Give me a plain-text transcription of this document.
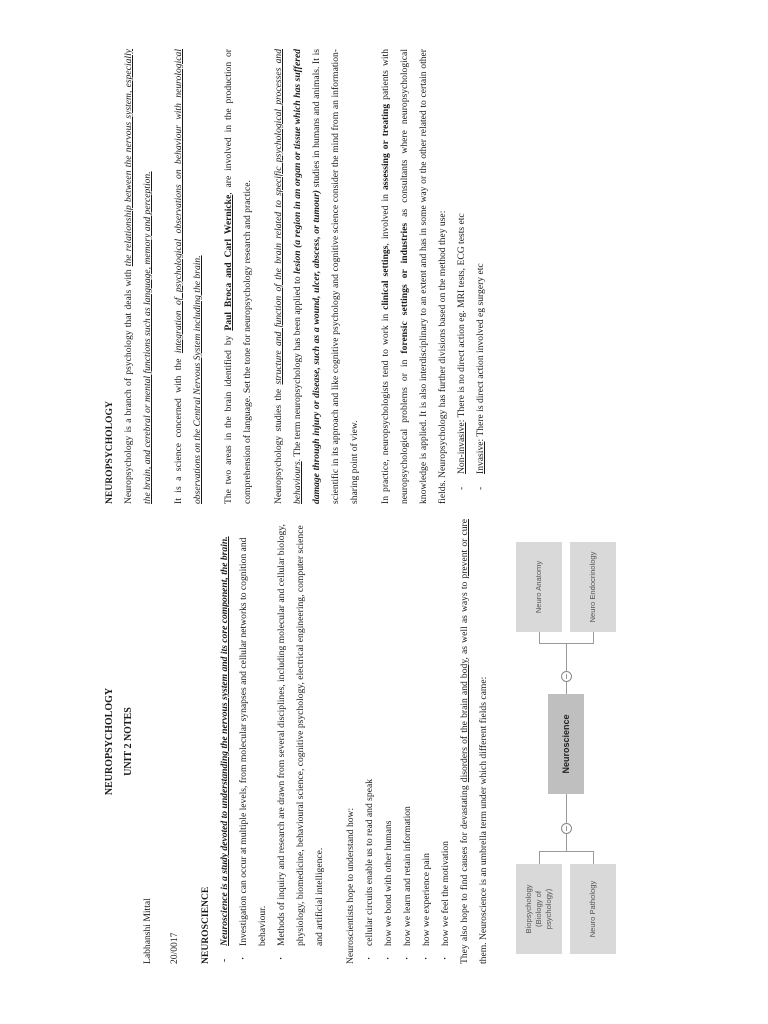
NEUROPSYCHOLOGY UNIT 2 NOTES

Labhanshi Mittal	20/0017	NEUROSCIENCE - Neuroscience is a study devoted to understanding the nervous system and its core component, the brain. · Investigation can occur at multiple levels, from molecular synapses and cellular networks to cognition and behaviour. · Methods of inquiry and research are drawn from several disciplines, including molecular and cellular biology, physiology, biomedicine, behavioural science, cognitive psychology, electrical engineering, computer science and artificial intelligence.	Neuroscientists hope to understand how: · cellular circuits enable us to read and speak · how we bond with other humans · how we learn and retain information · how we experience pain · how we feel the motivation They also hope to find causes for devastating disorders of the brain and body, as well as ways to prevent or cure them. Neuroscience is an umbrella term under which different fields came:	Biopsychology
(Biology of
psychology)	Neuro Pathology
−
Neuroscience
−
Neuro Anatomy	Neuro Endocrinology

NEUROPSYCHOLOGY Neuropsychology is a branch of psychology that deals with the relationship between the nervous system, especially the brain, and cerebral or mental functions such as language, memory and perception.	It is a science concerned with the integration of psychological observations on behaviour with neurological observations on the Central Nervous System including the brain.	The two areas in the brain identified by Paul Broca and Carl Wernicke, are involved in the production or comprehension of language. Set the tone for neuropsychology research and practice.	Neuropsychology studies the structure and function of the brain related to specific psychological processes and behaviours. The term neuropsychology has been applied to lesion (a region in an organ or tissue which has suffered damage through injury or disease, such as a wound, ulcer, abscess, or tumour) studies in humans and animals. It is scientific in its approach and like cognitive psychology and cognitive science consider the mind from an information-sharing point of view.	In practice, neuropsychologists tend to work in clinical settings, involved in assessing or treating patients with neuropsychological problems or in forensic settings or industries as consultants where neuropsychological knowledge is applied. It is also interdisciplinary to an extent and has in some way or the other related to certain other fields. Neuropsychology has further divisions based on the method they use: - Non-invasive: There is no direct action eg. MRI tests, ECG tests etc
- Invasive: There is direct action involved eg surgery etc
